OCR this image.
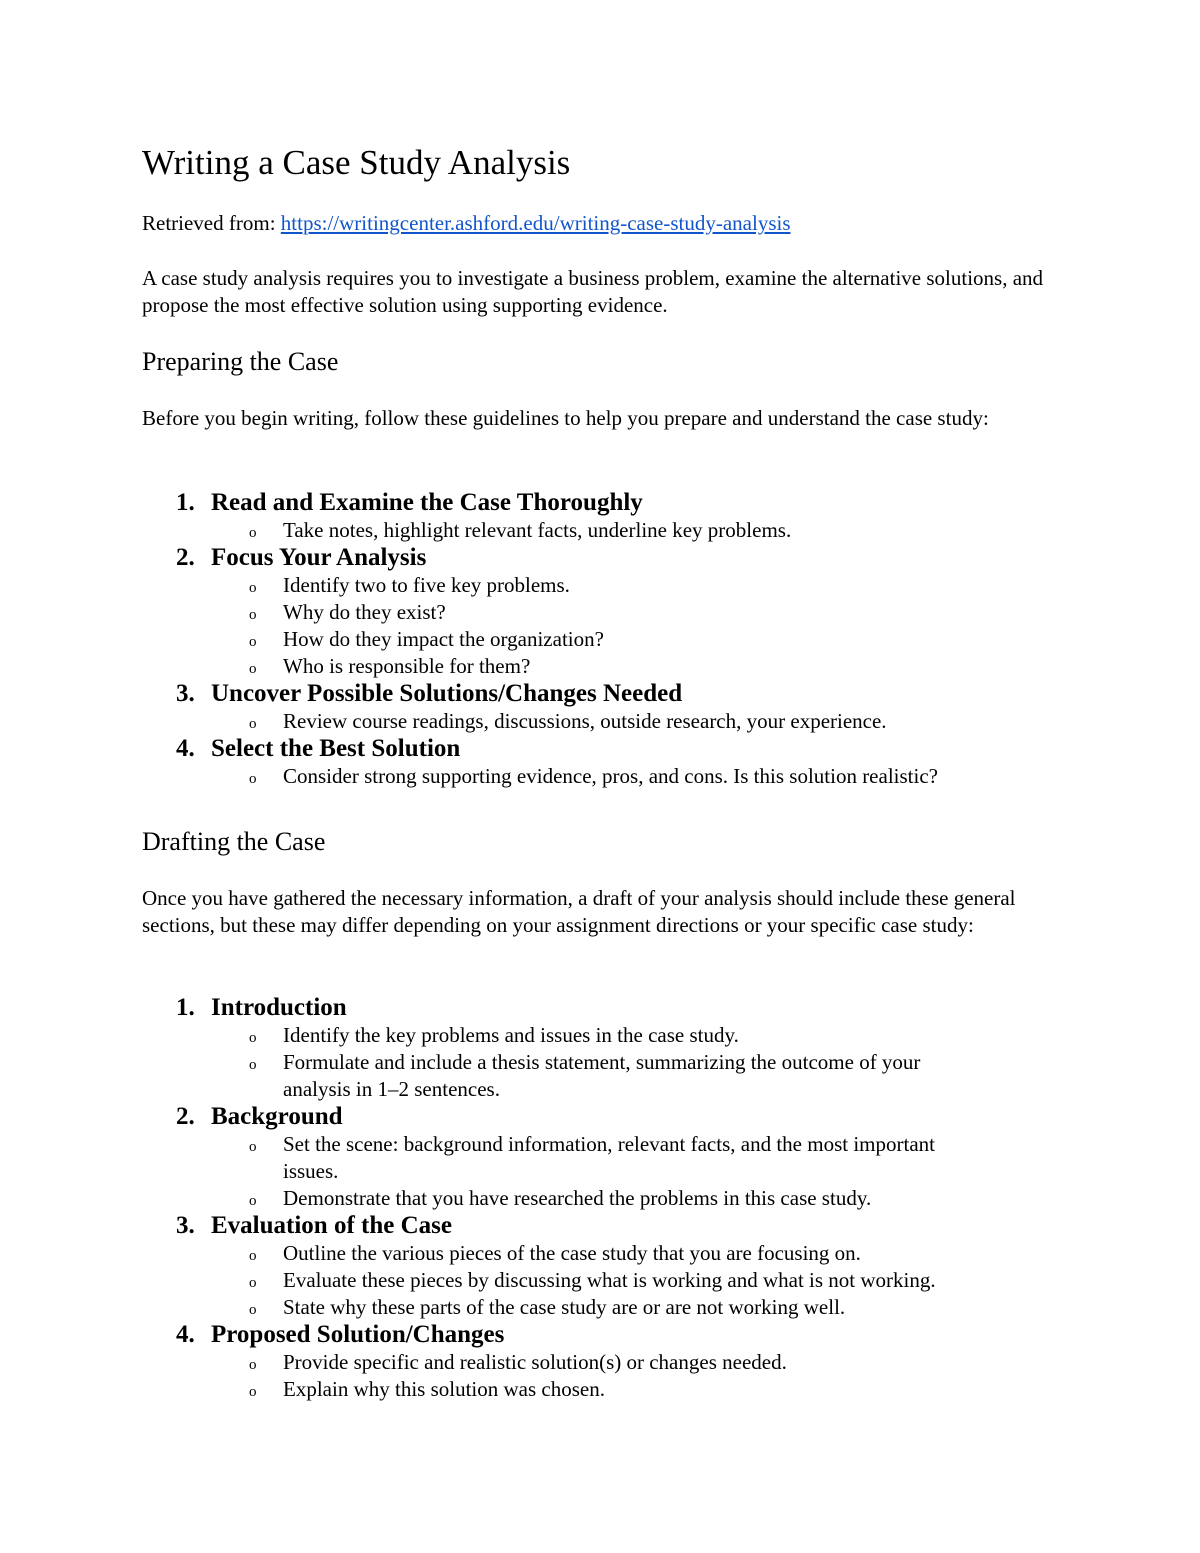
Writing a Case Study Analysis
Retrieved from: https://writingcenter.ashford.edu/writing-case-study-analysis

A case study analysis requires you to investigate a business problem, examine the alternative solutions, and propose the most effective solution using supporting evidence.

Preparing the Case

Before you begin writing, follow these guidelines to help you prepare and understand the case study:

1. Read and Examine the Case Thoroughly
o Take notes, highlight relevant facts, underline key problems.
2. Focus Your Analysis
o Identify two to five key problems.
o Why do they exist?
o How do they impact the organization?
o Who is responsible for them?
3. Uncover Possible Solutions/Changes Needed
o Review course readings, discussions, outside research, your experience.
4. Select the Best Solution
o Consider strong supporting evidence, pros, and cons. Is this solution realistic?
Drafting the Case

Once you have gathered the necessary information, a draft of your analysis should include these general sections, but these may differ depending on your assignment directions or your specific case study:

1. Introduction
o Identify the key problems and issues in the case study.
o Formulate and include a thesis statement, summarizing the outcome of your analysis in 1–2 sentences.
2. Background
o Set the scene: background information, relevant facts, and the most important issues.
o Demonstrate that you have researched the problems in this case study.
3. Evaluation of the Case
o Outline the various pieces of the case study that you are focusing on.
o Evaluate these pieces by discussing what is working and what is not working.
o State why these parts of the case study are or are not working well.
4. Proposed Solution/Changes
o Provide specific and realistic solution(s) or changes needed.
o Explain why this solution was chosen.
